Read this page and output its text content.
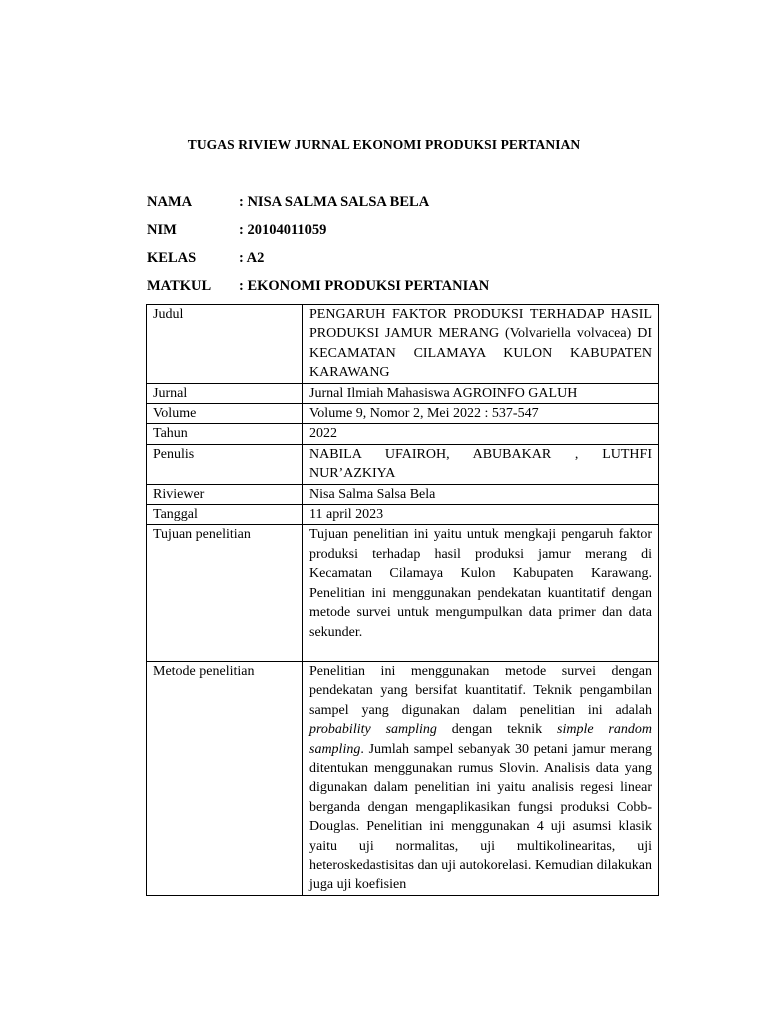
TUGAS RIVIEW JURNAL EKONOMI PRODUKSI PERTANIAN
NAMA	: NISA SALMA SALSA BELA
NIM	: 20104011059
KELAS	: A2
MATKUL : EKONOMI PRODUKSI PERTANIAN
Judul	PENGARUH FAKTOR PRODUKSI TERHADAP HASIL PRODUKSI JAMUR MERANG (Volvariella volvacea) DI KECAMATAN CILAMAYA KULON KABUPATEN KARAWANG
Jurnal	Jurnal Ilmiah Mahasiswa AGROINFO GALUH
Volume	Volume 9, Nomor 2, Mei 2022 : 537-547
Tahun	2022
Penulis	NABILA UFAIROH, ABUBAKAR , LUTHFI NUR’AZKIYA
Riviewer	Nisa Salma Salsa Bela
Tanggal	11 april 2023
Tujuan penelitian	Tujuan penelitian ini yaitu untuk mengkaji pengaruh faktor produksi terhadap hasil produksi jamur merang di Kecamatan Cilamaya Kulon Kabupaten Karawang. Penelitian ini menggunakan pendekatan kuantitatif dengan metode survei untuk mengumpulkan data primer dan data sekunder.
Metode penelitian	Penelitian ini menggunakan metode survei dengan pendekatan yang bersifat kuantitatif. Teknik pengambilan sampel yang digunakan dalam penelitian ini adalah probability sampling dengan teknik simple random sampling. Jumlah sampel sebanyak 30 petani jamur merang ditentukan menggunakan rumus Slovin. Analisis data yang digunakan dalam penelitian ini yaitu analisis regesi linear berganda dengan mengaplikasikan fungsi produksi Cobb-Douglas. Penelitian ini menggunakan 4 uji asumsi klasik yaitu uji normalitas, uji multikolinearitas, uji heteroskedastisitas dan uji autokorelasi. Kemudian dilakukan juga uji koefisien
